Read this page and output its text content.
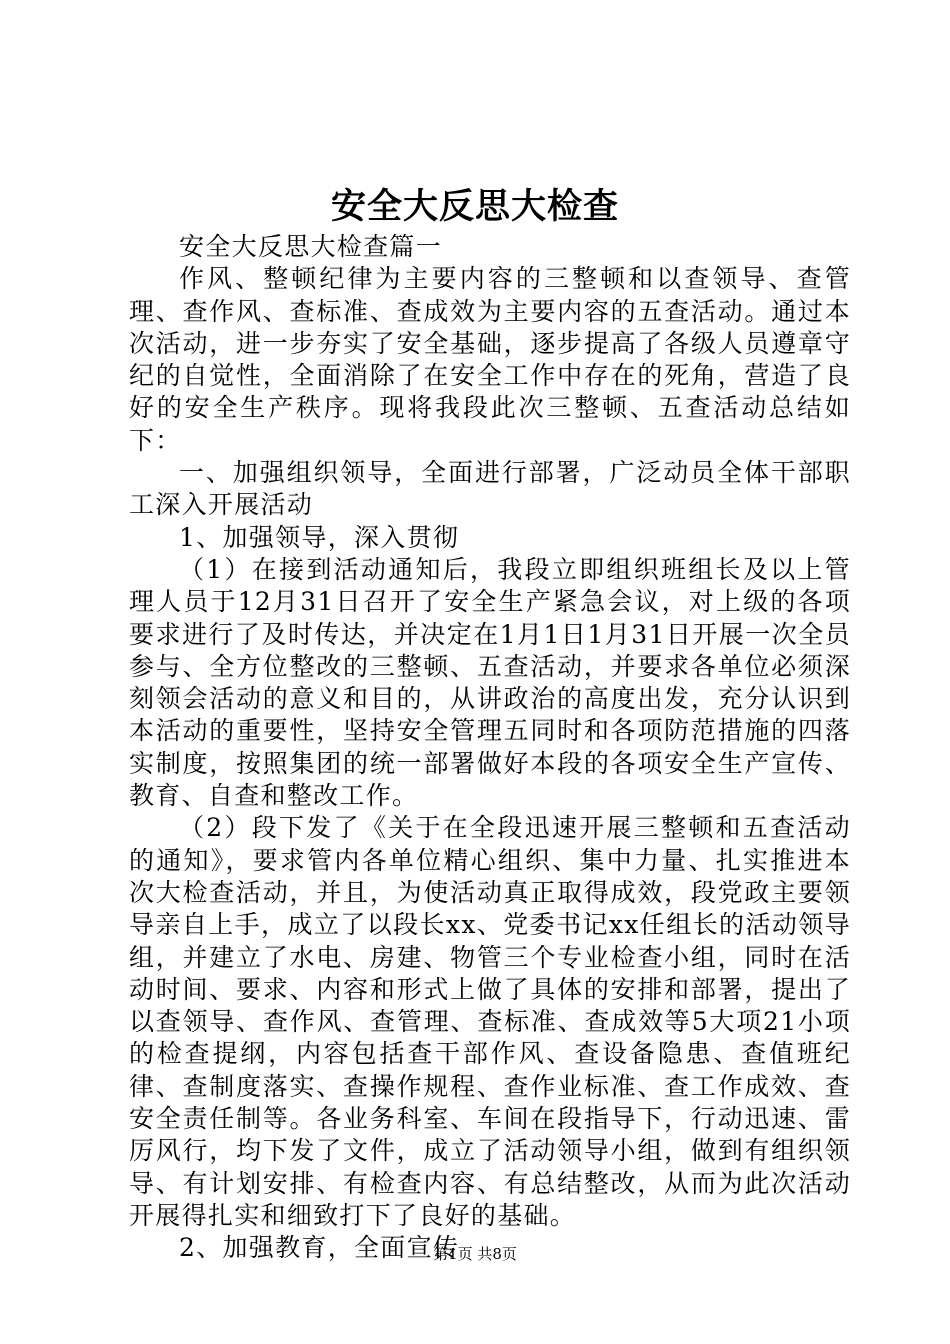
安全大反思大检查

安全大反思大检查篇一

作风、整顿纪律为主要内容的三整顿和以查领导、查管理、查作风、查标准、查成效为主要内容的五查活动。通过本次活动，进一步夯实了安全基础，逐步提高了各级人员遵章守纪的自觉性，全面消除了在安全工作中存在的死角，营造了良好的安全生产秩序。现将我段此次三整顿、五查活动总结如下：

一、加强组织领导，全面进行部署，广泛动员全体干部职工深入开展活动

1、加强领导，深入贯彻

（1）在接到活动通知后，我段立即组织班组长及以上管理人员于12月31日召开了安全生产紧急会议，对上级的各项要求进行了及时传达，并决定在1月1日1月31日开展一次全员参与、全方位整改的三整顿、五查活动，并要求各单位必须深刻领会活动的意义和目的，从讲政治的高度出发，充分认识到本活动的重要性，坚持安全管理五同时和各项防范措施的四落实制度，按照集团的统一部署做好本段的各项安全生产宣传、教育、自查和整改工作。

（2）段下发了《关于在全段迅速开展三整顿和五查活动的通知》，要求管内各单位精心组织、集中力量、扎实推进本次大检查活动，并且，为使活动真正取得成效，段党政主要领导亲自上手，成立了以段长xx、党委书记xx任组长的活动领导组，并建立了水电、房建、物管三个专业检查小组，同时在活动时间、要求、内容和形式上做了具体的安排和部署，提出了以查领导、查作风、查管理、查标准、查成效等5大项21小项的检查提纲，内容包括查干部作风、查设备隐患、查值班纪律、查制度落实、查操作规程、查作业标准、查工作成效、查安全责任制等。各业务科室、车间在段指导下，行动迅速、雷厉风行，均下发了文件，成立了活动领导小组，做到有组织领导、有计划安排、有检查内容、有总结整改，从而为此次活动开展得扎实和细致打下了良好的基础。

2、加强教育，全面宣传

第1页 共8页
